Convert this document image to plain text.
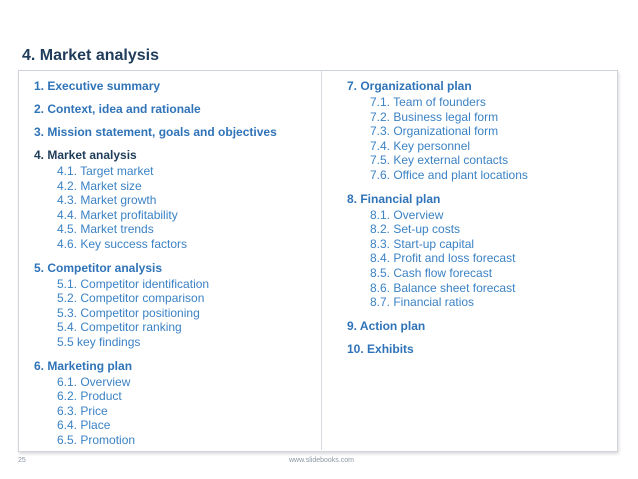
4. Market analysis
1. Executive summary
2. Context, idea and rationale
3. Mission statement, goals and objectives
4. Market analysis
4.1. Target market
4.2. Market size
4.3. Market growth
4.4. Market profitability
4.5. Market trends
4.6. Key success factors
5. Competitor analysis
5.1. Competitor identification
5.2. Competitor comparison
5.3. Competitor positioning
5.4. Competitor ranking
5.5 key findings
6. Marketing plan
6.1. Overview
6.2. Product
6.3. Price
6.4. Place
6.5. Promotion
7. Organizational plan
7.1. Team of founders
7.2. Business legal form
7.3. Organizational form
7.4. Key personnel
7.5. Key external contacts
7.6. Office and plant locations
8. Financial plan
8.1. Overview
8.2. Set-up costs
8.3. Start-up capital
8.4. Profit and loss forecast
8.5. Cash flow forecast
8.6. Balance sheet forecast
8.7. Financial ratios
9. Action plan
10. Exhibits
25	www.slidebooks.com
